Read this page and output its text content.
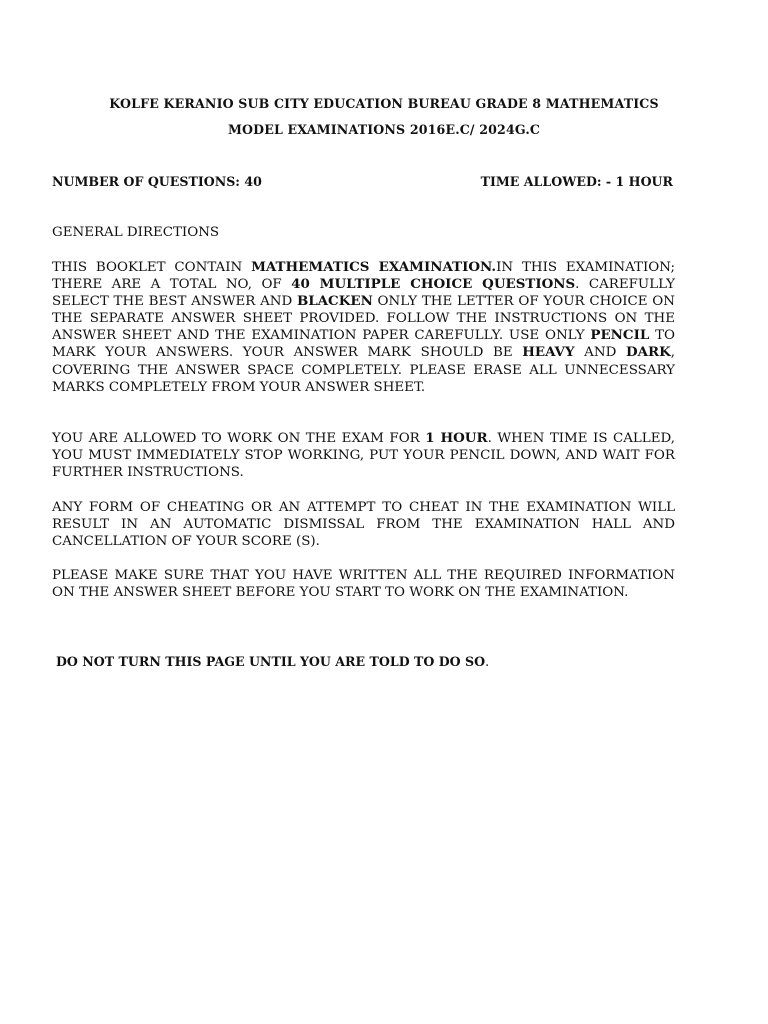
KOLFE KERANIO SUB CITY EDUCATION BUREAU GRADE 8 MATHEMATICS
MODEL EXAMINATIONS 2016E.C/ 2024G.C
NUMBER OF QUESTIONS: 40	TIME ALLOWED: - 1 HOUR
GENERAL DIRECTIONS
THIS BOOKLET CONTAIN MATHEMATICS EXAMINATION.IN THIS EXAMINATION; THERE ARE A TOTAL NO, OF 40 MULTIPLE CHOICE QUESTIONS. CAREFULLY SELECT THE BEST ANSWER AND BLACKEN ONLY THE LETTER OF YOUR CHOICE ON THE SEPARATE ANSWER SHEET PROVIDED. FOLLOW THE INSTRUCTIONS ON THE ANSWER SHEET AND THE EXAMINATION PAPER CAREFULLY. USE ONLY PENCIL TO MARK YOUR ANSWERS. YOUR ANSWER MARK SHOULD BE HEAVY AND DARK, COVERING THE ANSWER SPACE COMPLETELY. PLEASE ERASE ALL UNNECESSARY MARKS COMPLETELY FROM YOUR ANSWER SHEET.
YOU ARE ALLOWED TO WORK ON THE EXAM FOR 1 HOUR. WHEN TIME IS CALLED, YOU MUST IMMEDIATELY STOP WORKING, PUT YOUR PENCIL DOWN, AND WAIT FOR FURTHER INSTRUCTIONS.
ANY FORM OF CHEATING OR AN ATTEMPT TO CHEAT IN THE EXAMINATION WILL RESULT IN AN AUTOMATIC DISMISSAL FROM THE EXAMINATION HALL AND CANCELLATION OF YOUR SCORE (S).
PLEASE MAKE SURE THAT YOU HAVE WRITTEN ALL THE REQUIRED INFORMATION ON THE ANSWER SHEET BEFORE YOU START TO WORK ON THE EXAMINATION.
DO NOT TURN THIS PAGE UNTIL YOU ARE TOLD TO DO SO.
